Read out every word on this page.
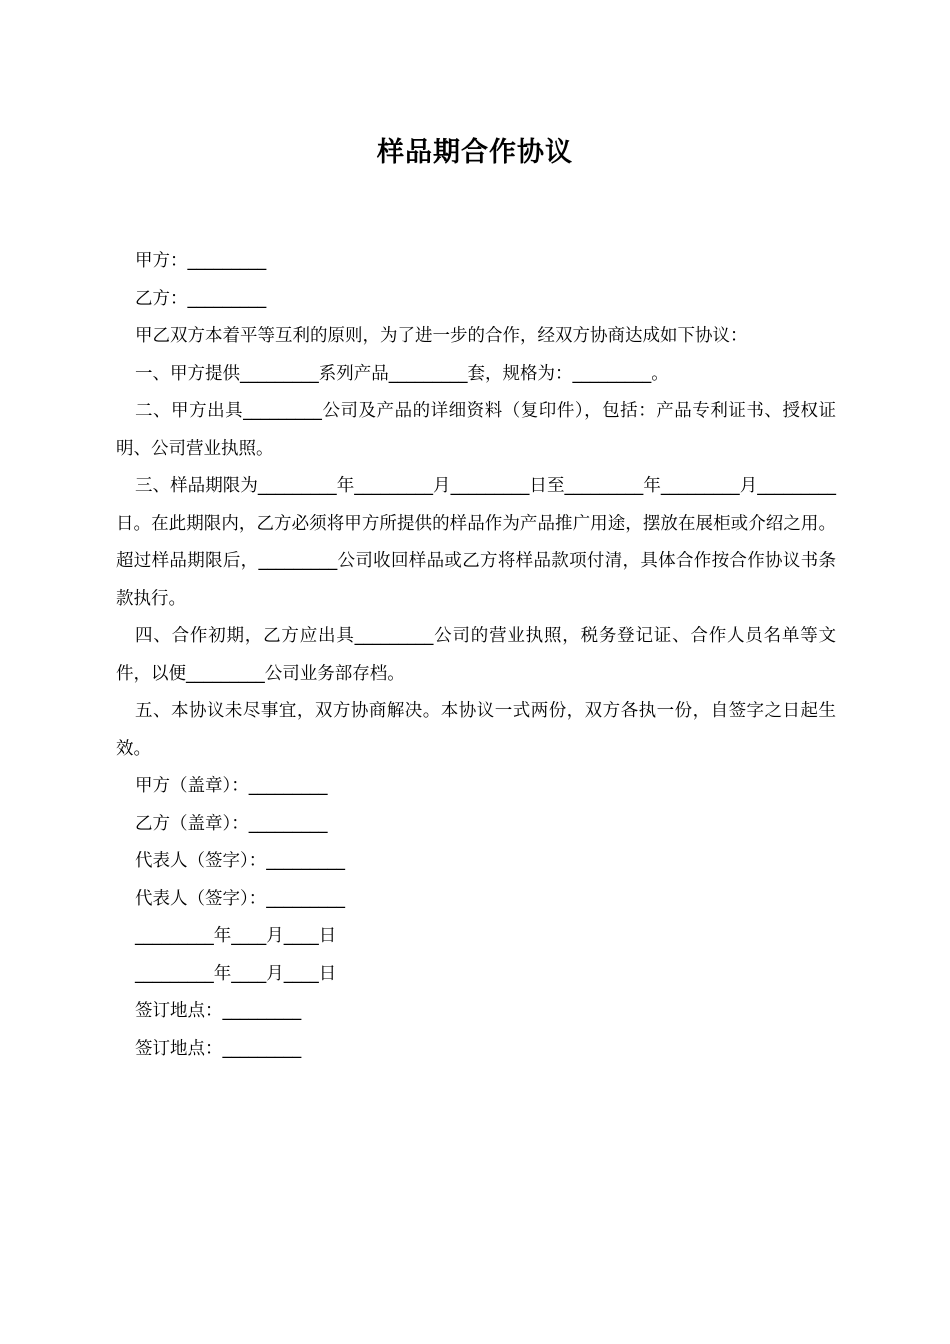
样品期合作协议

甲方：_________

乙方：_________

甲乙双方本着平等互利的原则，为了进一步的合作，经双方协商达成如下协议：

一、甲方提供_________系列产品_________套，规格为：_________。

二、甲方出具_________公司及产品的详细资料（复印件），包括：产品专利证书、授权证明、公司营业执照。

三、样品期限为_________年_________月_________日至_________年_________月_________日。在此期限内，乙方必须将甲方所提供的样品作为产品推广用途，摆放在展柜或介绍之用。超过样品期限后，_________公司收回样品或乙方将样品款项付清，具体合作按合作协议书条款执行。

四、合作初期，乙方应出具_________公司的营业执照，税务登记证、合作人员名单等文件，以便_________公司业务部存档。

五、本协议未尽事宜，双方协商解决。本协议一式两份，双方各执一份，自签字之日起生效。

甲方（盖章）：_________

乙方（盖章）：_________

代表人（签字）：_________

代表人（签字）：_________

_________年____月____日

_________年____月____日

签订地点：_________

签订地点：_________
